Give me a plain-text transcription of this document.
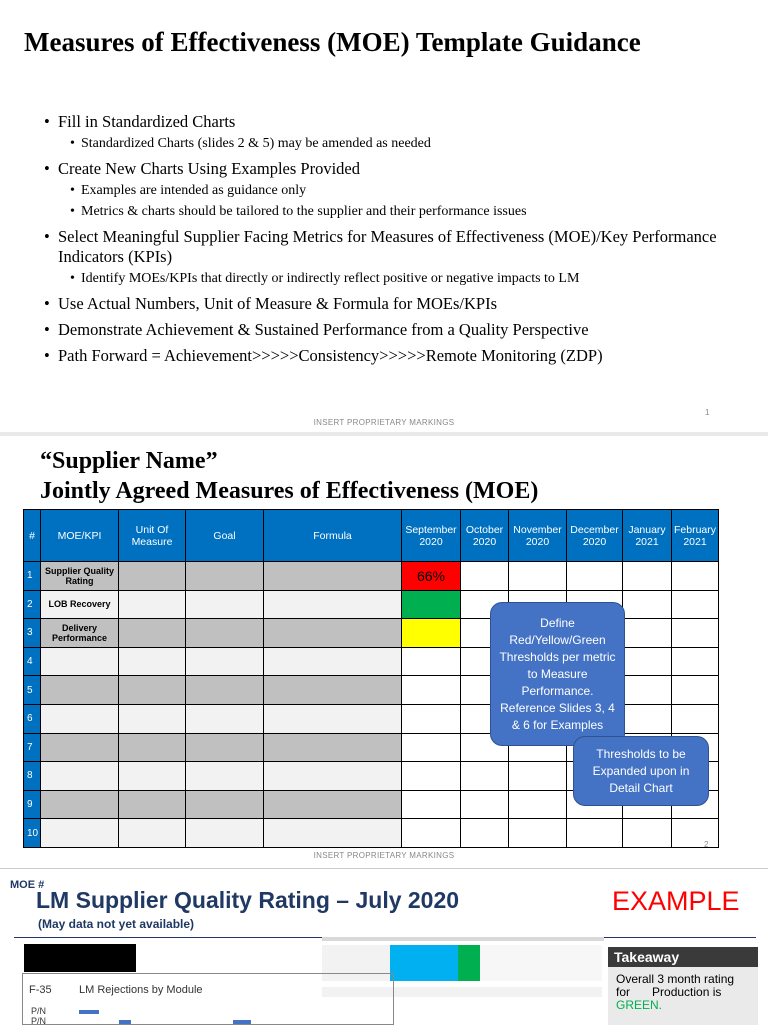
Measures of Effectiveness (MOE) Template Guidance
• Fill in Standardized Charts
• Standardized Charts (slides 2 & 5) may be amended as needed
• Create New Charts Using Examples Provided
• Examples are intended as guidance only
• Metrics & charts should be tailored to the supplier and their performance issues
• Select Meaningful Supplier Facing Metrics for Measures of Effectiveness (MOE)/Key Performance Indicators (KPIs)
• Identify MOEs/KPIs that directly or indirectly reflect positive or negative impacts to LM
• Use Actual Numbers, Unit of Measure & Formula for MOEs/KPIs
• Demonstrate Achievement & Sustained Performance from a Quality Perspective
• Path Forward = Achievement>>>>>Consistency>>>>>Remote Monitoring (ZDP)
INSERT PROPRIETARY MARKINGS
1
“Supplier Name”
Jointly Agreed Measures of Effectiveness (MOE)
#	MOE/KPI	Unit Of Measure	Goal	Formula	September 2020	October 2020	November 2020	December 2020	January 2021	February 2021
1	Supplier Quality Rating				66%					
2	LOB Recovery									
3	Delivery Performance									
4										
5										
6										
7										
8										
9										
10										
Define Red/Yellow/Green Thresholds per metric to Measure Performance. Reference Slides 3, 4 & 6 for Examples
Thresholds to be Expanded upon in Detail Chart
INSERT PROPRIETARY MARKINGS
2
MOE #
LM Supplier Quality Rating – July 2020
(May data not yet available)
EXAMPLE
F-35 LM Rejections by Module
P/N
P/N
Takeaway
Overall 3 month rating
for Production is
GREEN.
